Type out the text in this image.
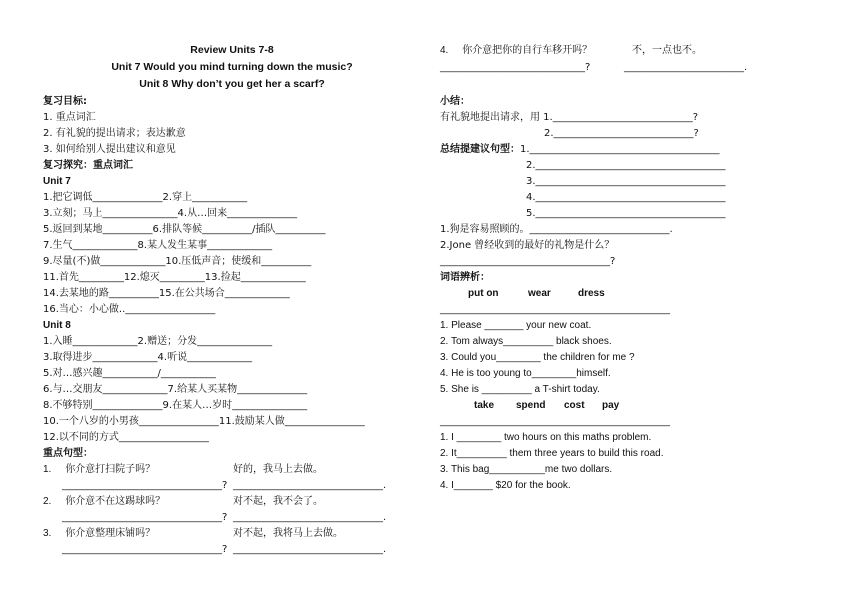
Review Units 7-8
Unit 7 Would you mind turning down the music?
Unit 8 Why don’t you get her a scarf?
复习目标:
1. 重点词汇
2. 有礼貌的提出请求；表达歉意
3. 如何给别人提出建议和意见
复习探究：重点词汇
Unit 7
1.把它调低______________2.穿上___________
3.立刻；马上_______________4.从…回来______________
5.返回到某地__________6.排队等候__________/插队__________
7.生气_____________8.某人发生某事_____________
9.尽量(不)做_____________10.压低声音；使缓和__________
11.首先_________12.熄灭_________13.捡起_____________
14.去某地的路__________15.在公共场合_____________
16.当心：小心做..__________________
Unit 8
1.入睡_____________2.赠送；分发_______________
3.取得进步_____________4.听说_____________
5.对…感兴趣___________/___________
6.与…交朋友_____________7.给某人买某物______________
8.不够特别______________9.在某人…岁时_______________
10.一个八岁的小男孩________________11.鼓励某人做________________
12.以不同的方式__________________
重点句型：
1. 你介意打扫院子吗？	好的，我马上去做。
________________________________? ______________________________.
2. 你介意不在这踢球吗？	对不起，我不会了。
________________________________? ______________________________.
3. 你介意整理床铺吗？	对不起，我将马上去做。
________________________________? ______________________________.
4. 你介意把你的自行车移开吗？	不，一点也不。
_____________________________?	________________________.
小结：
有礼貌地提出请求，用 1.____________________________?
2.____________________________?
总结提建议句型：1.______________________________________
2.______________________________________
3.______________________________________
4.______________________________________
5.______________________________________
1.狗是容易照顾的。____________________________.
2.Jone 曾经收到的最好的礼物是什么？
__________________________________?
词语辨析：
put on	wear	dress
______________________________________________
1. Please _______ your new coat.
2. Tom always_________ black shoes.
3. Could you________ the children for me ?
4. He is too young to________himself.
5. She is _________ a T-shirt today.
take spend cost pay
______________________________________________
1. I ________ two hours on this maths problem.
2. It_________ them three years to build this road.
3. This bag__________me two dollars.
4. I_______ $20 for the book.
